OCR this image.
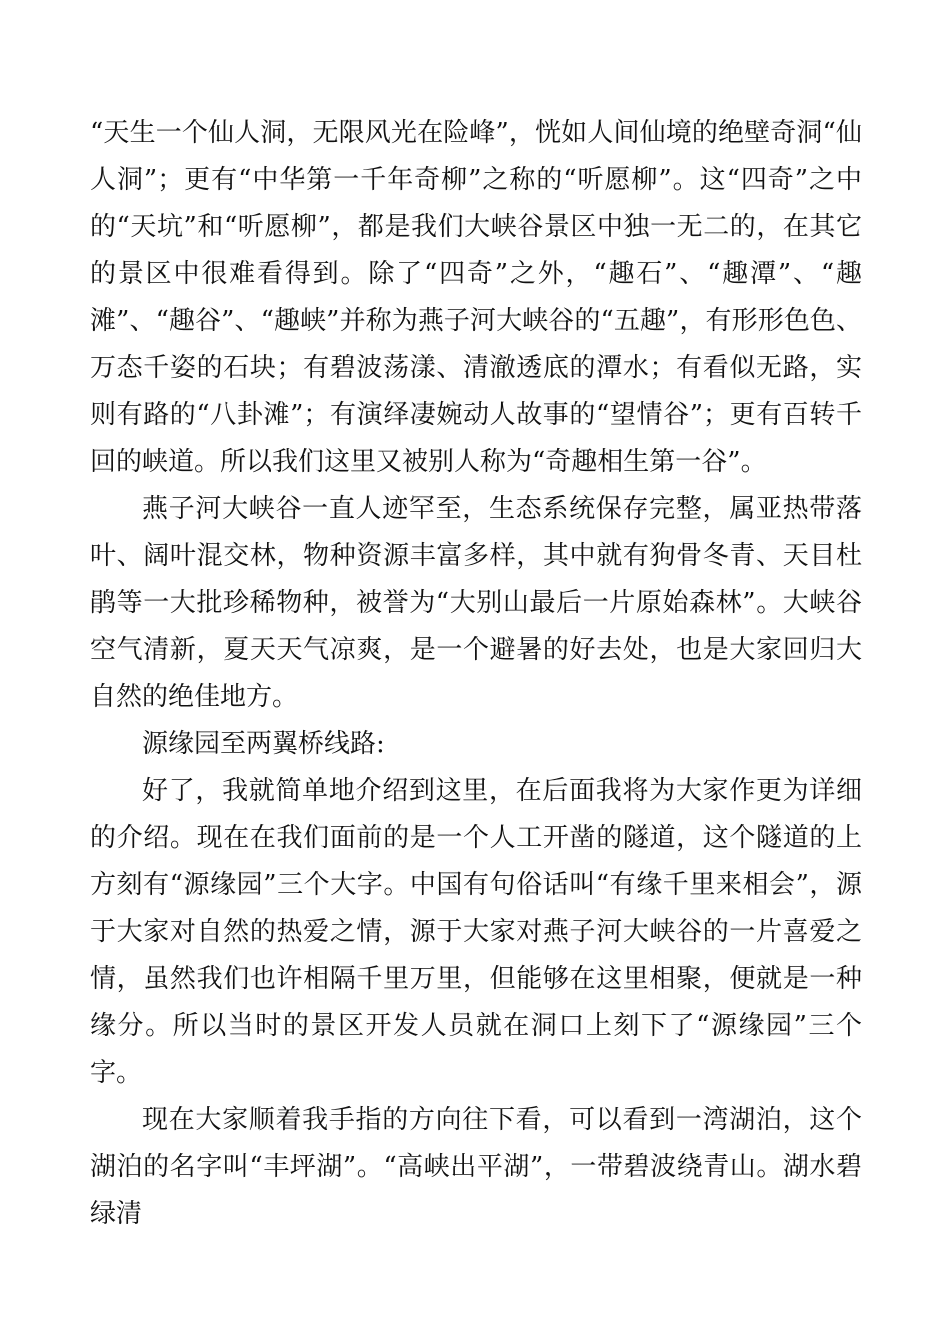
“天生一个仙人洞，无限风光在险峰”，恍如人间仙境的绝壁奇洞“仙人洞”；更有“中华第一千年奇柳”之称的“听愿柳”。这“四奇”之中的“天坑”和“听愿柳”，都是我们大峡谷景区中独一无二的，在其它的景区中很难看得到。除了“四奇”之外，“趣石”、“趣潭”、“趣滩”、“趣谷”、“趣峡”并称为燕子河大峡谷的“五趣”，有形形色色、万态千姿的石块；有碧波荡漾、清澈透底的潭水；有看似无路，实则有路的“八卦滩”；有演绎凄婉动人故事的“望情谷”；更有百转千回的峡道。所以我们这里又被别人称为“奇趣相生第一谷”。

燕子河大峡谷一直人迹罕至，生态系统保存完整，属亚热带落叶、阔叶混交林，物种资源丰富多样，其中就有狗骨冬青、天目杜鹃等一大批珍稀物种，被誉为“大别山最后一片原始森林”。大峡谷空气清新，夏天天气凉爽，是一个避暑的好去处，也是大家回归大自然的绝佳地方。

源缘园至两翼桥线路:

好了，我就简单地介绍到这里，在后面我将为大家作更为详细的介绍。现在在我们面前的是一个人工开凿的隧道，这个隧道的上方刻有“源缘园”三个大字。中国有句俗话叫“有缘千里来相会”，源于大家对自然的热爱之情，源于大家对燕子河大峡谷的一片喜爱之情，虽然我们也许相隔千里万里，但能够在这里相聚，便就是一种缘分。所以当时的景区开发人员就在洞口上刻下了“源缘园”三个字。

现在大家顺着我手指的方向往下看，可以看到一湾湖泊，这个湖泊的名字叫“丰坪湖”。“高峡出平湖”，一带碧波绕青山。湖水碧绿清
